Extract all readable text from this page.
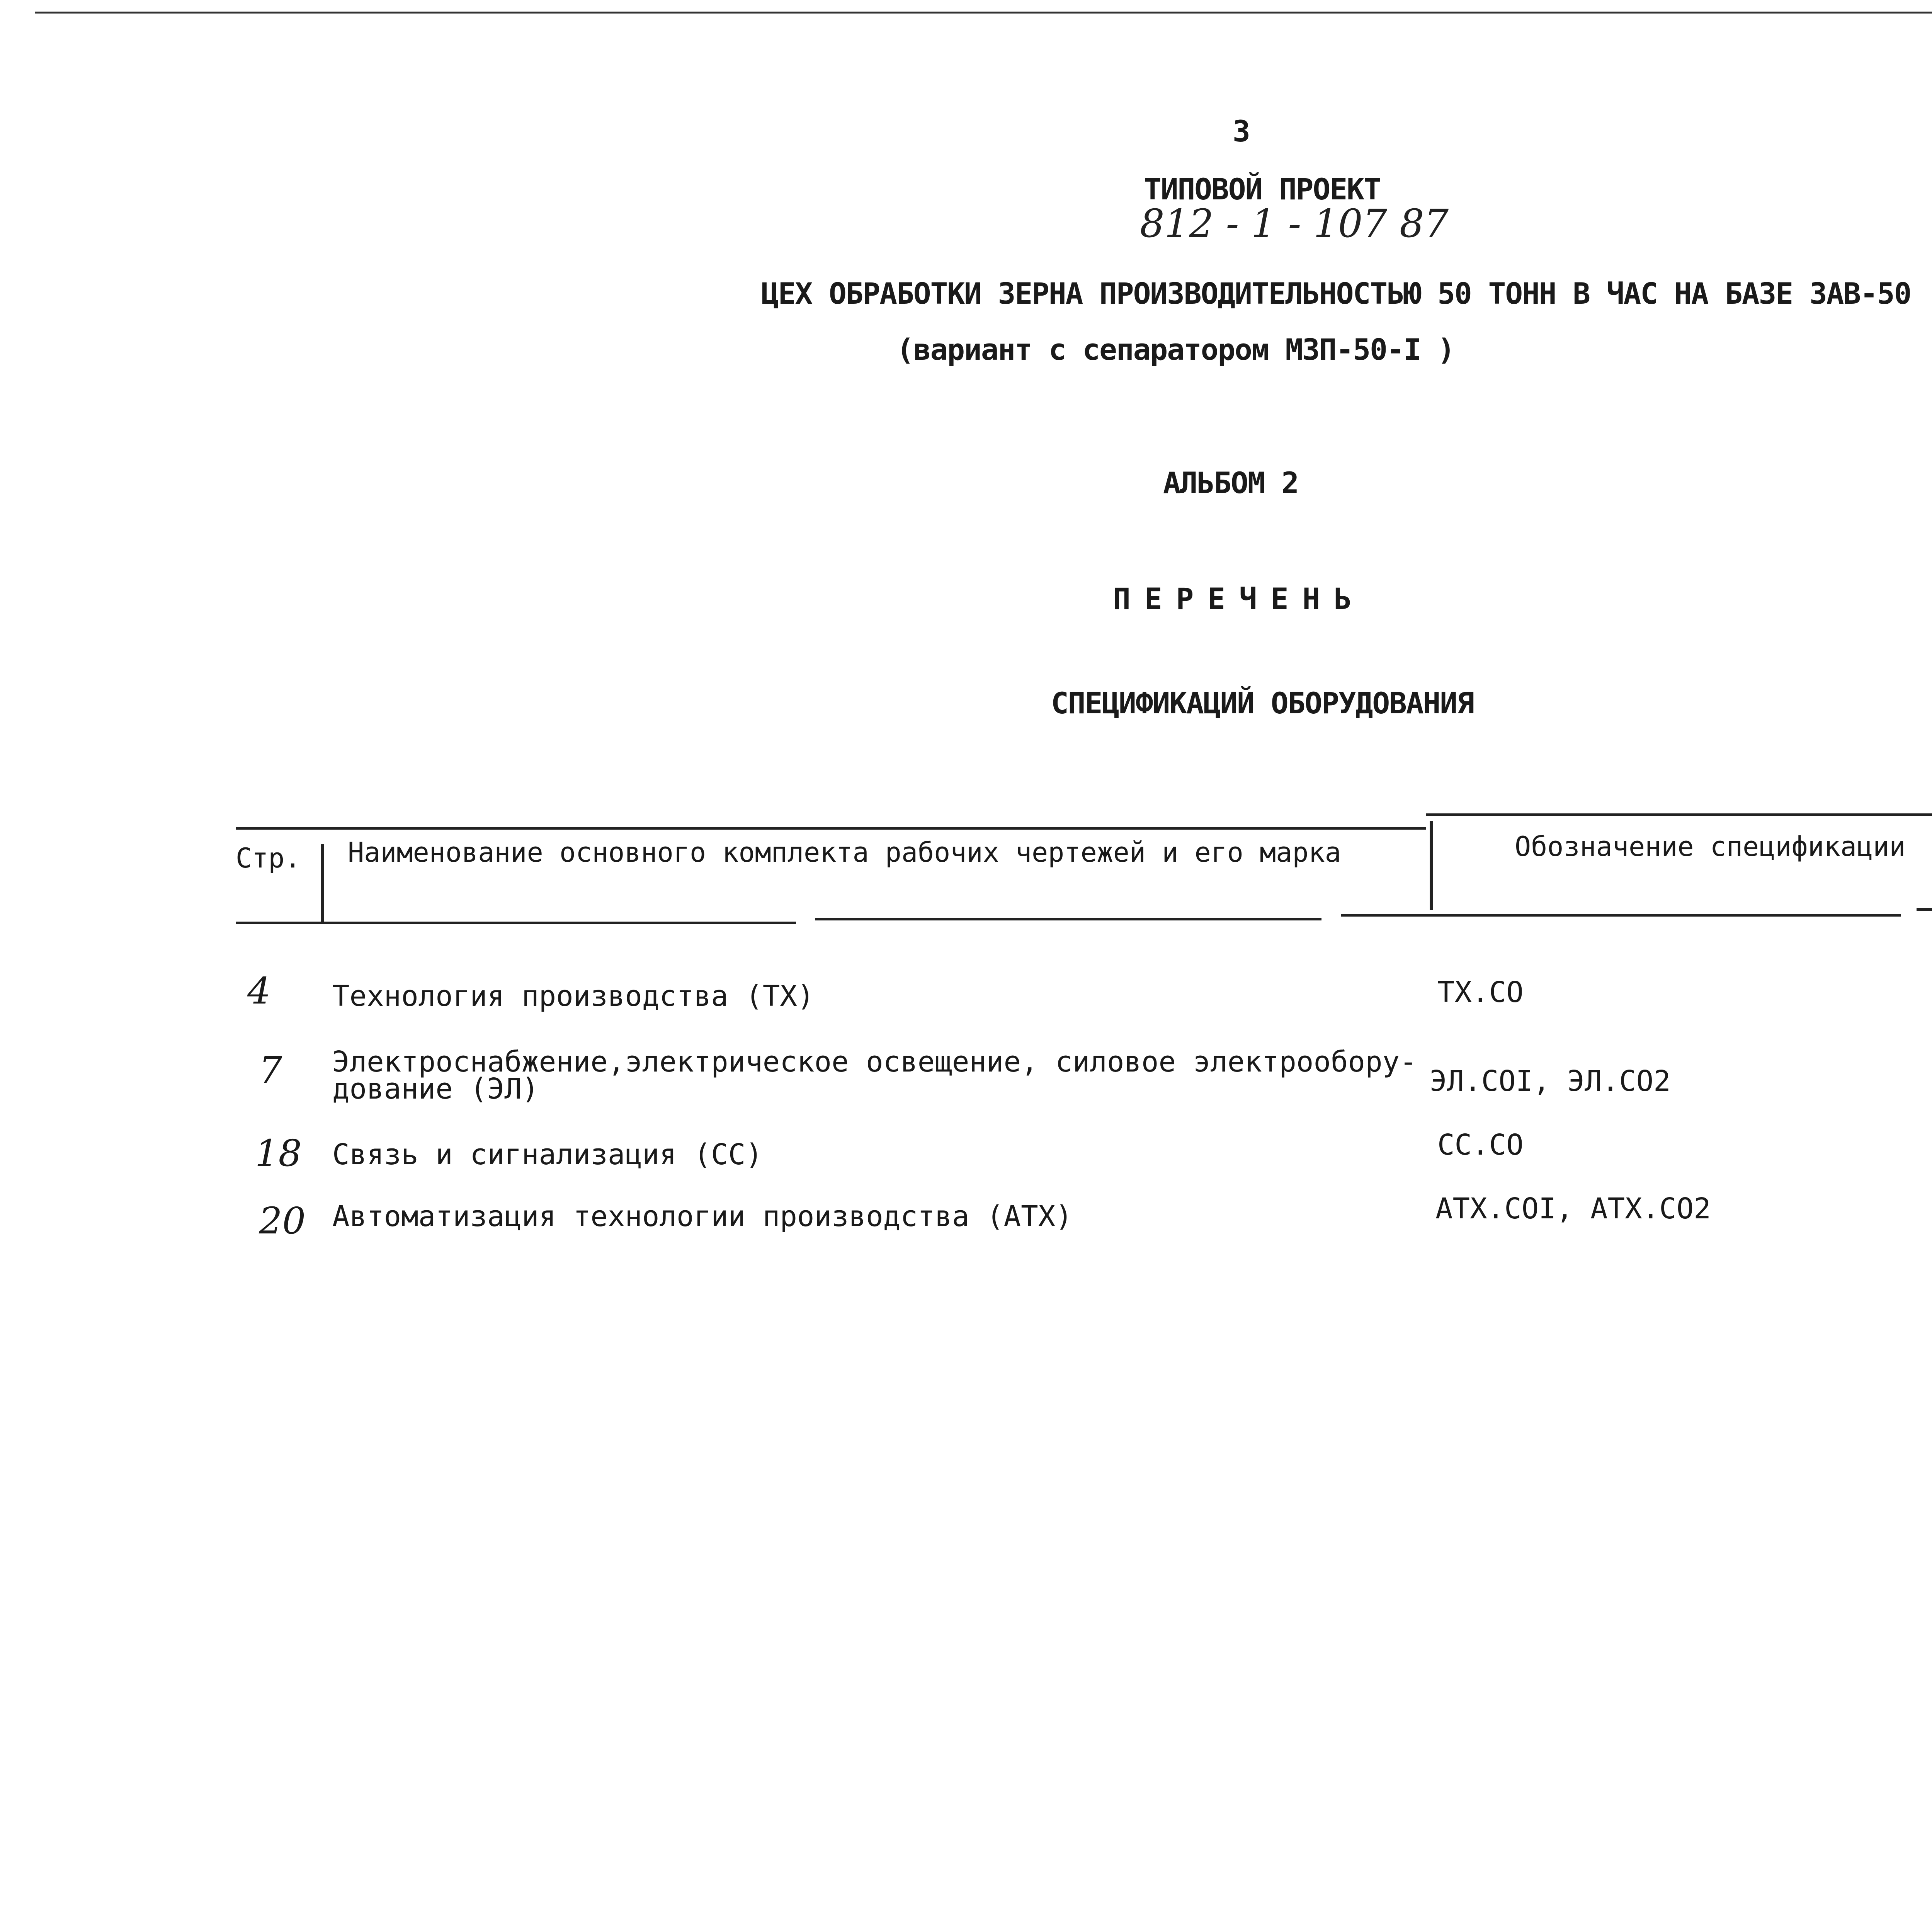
3
ТИПОВОЙ ПРОЕКТ
812 - 1 - 107 87
ЦЕХ ОБРАБОТКИ ЗЕРНА ПРОИЗВОДИТЕЛЬНОСТЬЮ 50 ТОНН В ЧАС НА БАЗЕ ЗАВ-50
(вариант с сепаратором МЗП-50-I )
АЛЬБОМ 2
ПЕРЕЧЕНЬ
СПЕЦИФИКАЦИЙ ОБОРУДОВАНИЯ
Стр. Наименование основного комплекта рабочих чертежей и его марка	Обозначение спецификации
4 Технология производства (ТХ)	ТХ.СО
7 Электроснабжение,электрическое освещение, силовое электрообору-
дование (ЭЛ)	ЭЛ.СОI, ЭЛ.СО2
18 Связь и сигнализация (СС)	СС.СО
20 Автоматизация технологии производства (АТХ)	АТХ.СОI, АТХ.СО2
